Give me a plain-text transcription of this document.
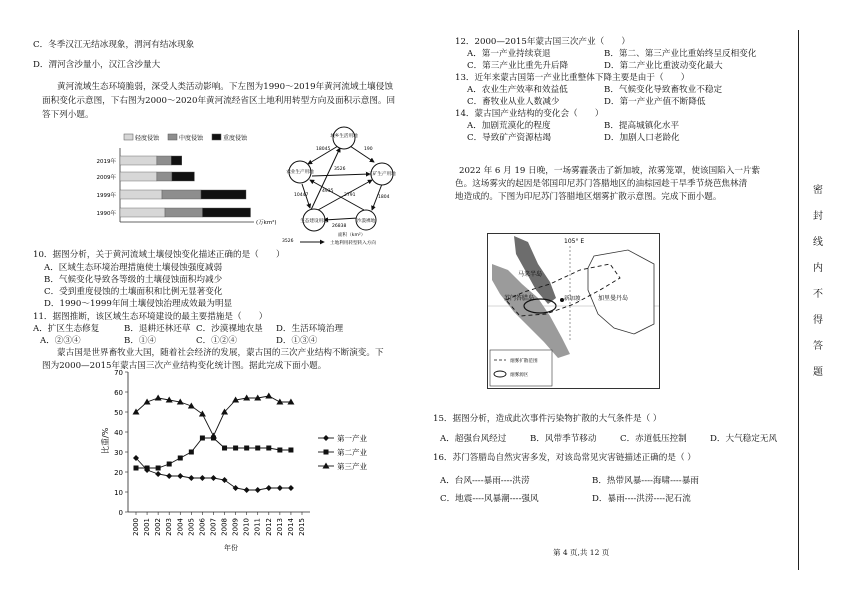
C．冬季汉江无结冰现象，渭河有结冰现象
D．渭河含沙量小，汉江含沙量大
黄河流域生态环境脆弱，深受人类活动影响。下左图为1990～2019年黄河流域土壤侵蚀
面积变化示意图，下右图为2000～2020年黄河流经省区土地利用转型方向及面积示意图。回
答下列小题。
轻度侵蚀	中度侵蚀	重度侵蚀
(万km²)
2019年
2009年
1999年
1990年
城乡生活用地
工矿生产用地
沙漠裸地
生态建设用地
农业生产用地
18045	190
3526
1804
10447	2791
26838
4935
3526
面积（km²）
土地利用转型转入方向
10．据图分析，关于黄河流域土壤侵蚀变化描述正确的是（　　）
A．区域生态环境治理措施使土壤侵蚀强度减弱
B．气候变化导致各等级的土壤侵蚀面积均减少
C．受到重度侵蚀的土壤面积和比例无显著变化
D．1990～1999年间土壤侵蚀治理成效最为明显
11．据图推断，该区域生态环境建设的最主要措施是（　　）
A．扩区生态修复	B．退耕还林还草 C．沙漠裸地农垦 D．生活环境治理
A．②③④	B．①④	C．①②④	D．①③④
蒙古国是世界畜牧业大国，随着社会经济的发展，蒙古国的三次产业结构不断演变。下
图为2000—2015年蒙古国三次产业结构变化统计图。据此完成下面小题。
0
10
20
30
40
50
60
70
2000 2001 2002 2003 2004 2005 2006 2007 2008 2009 2010 2011 2012 2013 2014 2015
第一产业
第二产业
第三产业
比重/%
年份
12．2000—2015年蒙古国三次产业（　　）
A．第一产业持续衰退	B．第二、第三产业比重始终呈反相变化
C．第三产业比重先升后降	D．第二产业比重波动变化最大
13．近年来蒙古国第一产业比重整体下降主要是由于（　　）
A．农业生产效率和效益低	B．气候变化导致畜牧业不稳定
C．畜牧业从业人数减少	D．第一产业产值不断降低
14．蒙古国产业结构的变化会（　　）
A．加剧荒漠化的程度	B．提高城镇化水平
C．导致矿产资源枯竭	D．加剧人口老龄化
2022 年 6 月 19 日晚，一场雾霾袭击了新加坡，浓雾笼罩，使该国陷入一片紫
色。这场雾灾的起因是邻国印尼苏门答腊地区的油棕园趁干旱季节烧芭焦林清
地造成的。下图为印尼苏门答腊地区烟雾扩散示意图。完成下面小题。
105° E
马来半岛
苏门答腊岛	新加坡	加里曼丹岛
烟雾扩散范围
烟雾源区
15．据图分析，造成此次事件污染物扩散的大气条件是（ ）
A．超强台风经过	B．风带季节移动	C．赤道低压控制	D．大气稳定无风
16．苏门答腊岛自然灾害多发，对该岛常见灾害链描述正确的是（ ）
A．台风----暴雨----洪涝	B．热带风暴----海啸----暴雨
C．地震----风暴潮----强风	D．暴雨----洪涝----泥石流
第 4 页,共 12 页
密
封
线
内
不
得
答
题
